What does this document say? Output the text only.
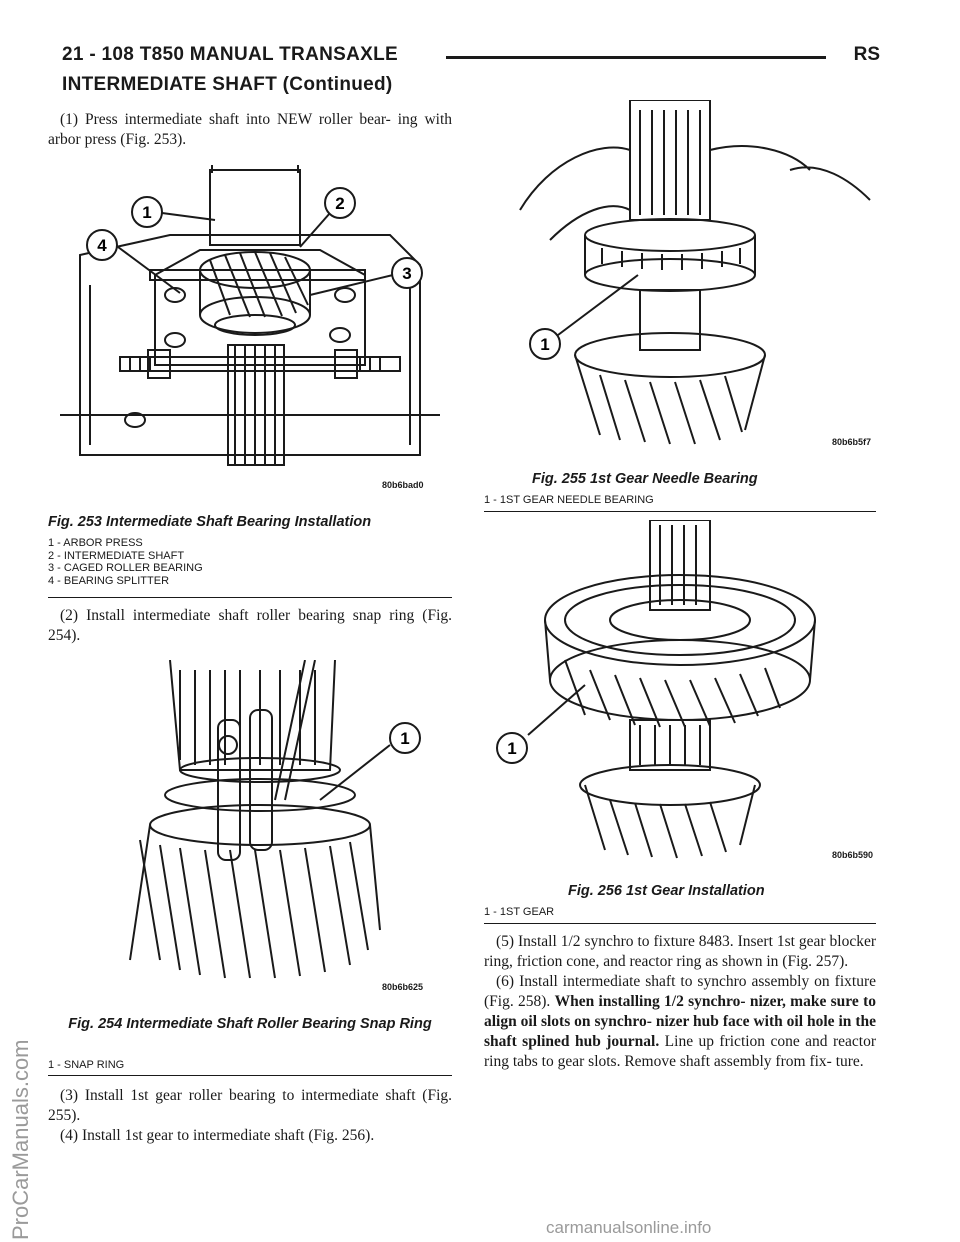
21 - 108 T850 MANUAL TRANSAXLE	RS
INTERMEDIATE SHAFT (Continued)

(1) Press intermediate shaft into NEW roller bear- ing with arbor press (Fig. 253).

1	2
3
4
80b6bad0
Fig. 253 Intermediate Shaft Bearing Installation
1 - ARBOR PRESS
2 - INTERMEDIATE SHAFT
3 - CAGED ROLLER BEARING
4 - BEARING SPLITTER

(2) Install intermediate shaft roller bearing snap ring (Fig. 254).

1
80b6b625
Fig. 254 Intermediate Shaft Roller Bearing Snap Ring
1 - SNAP RING

(3) Install 1st gear roller bearing to intermediate shaft (Fig. 255).

(4) Install 1st gear to intermediate shaft (Fig. 256).

1
80b6b5f7
Fig. 255 1st Gear Needle Bearing
1 - 1ST GEAR NEEDLE BEARING
1
80b6b590
Fig. 256 1st Gear Installation
1 - 1ST GEAR

(5) Install 1/2 synchro to fixture 8483. Insert 1st gear blocker ring, friction cone, and reactor ring as shown in (Fig. 257).

(6) Install intermediate shaft to synchro assembly on fixture (Fig. 258). When installing 1/2 synchro- nizer, make sure to align oil slots on synchro- nizer hub face with oil hole in the shaft splined hub journal. Line up friction cone and reactor ring tabs to gear slots. Remove shaft assembly from fix- ture.

ProCarManuals.com	carmanualsonline.info
